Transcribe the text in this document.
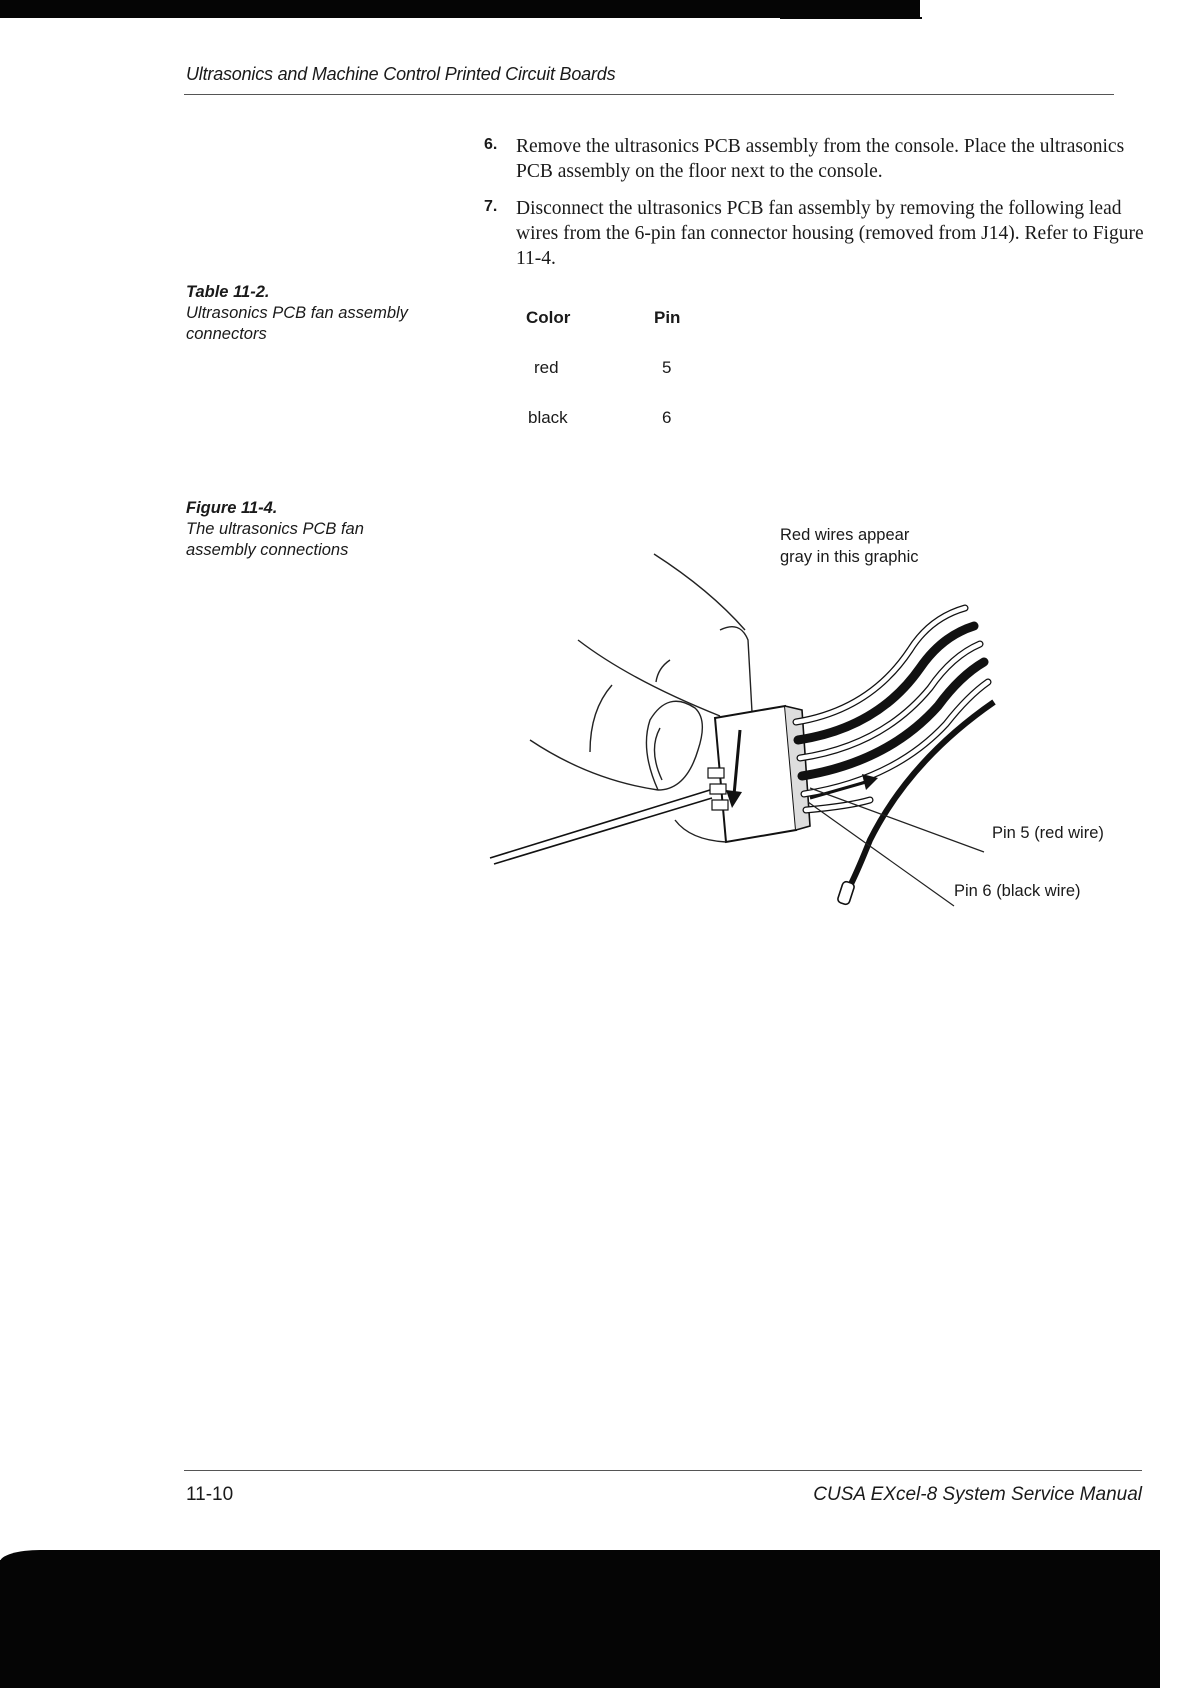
Ultrasonics and Machine Control Printed Circuit Boards
6. Remove the ultrasonics PCB assembly from the console. Place the ultrasonics PCB assembly on the floor next to the console.
7. Disconnect the ultrasonics PCB fan assembly by removing the following lead wires from the 6-pin fan connector housing (removed from J14). Refer to Figure 11-4.
Table 11-2.
Ultrasonics PCB fan assembly connectors
Color	Pin
red	5
black	6
Figure 11-4.
The ultrasonics PCB fan assembly connections
Red wires appear
gray in this graphic
Pin 5 (red wire)
Pin 6 (black wire)
11-10	CUSA EXcel-8 System Service Manual
